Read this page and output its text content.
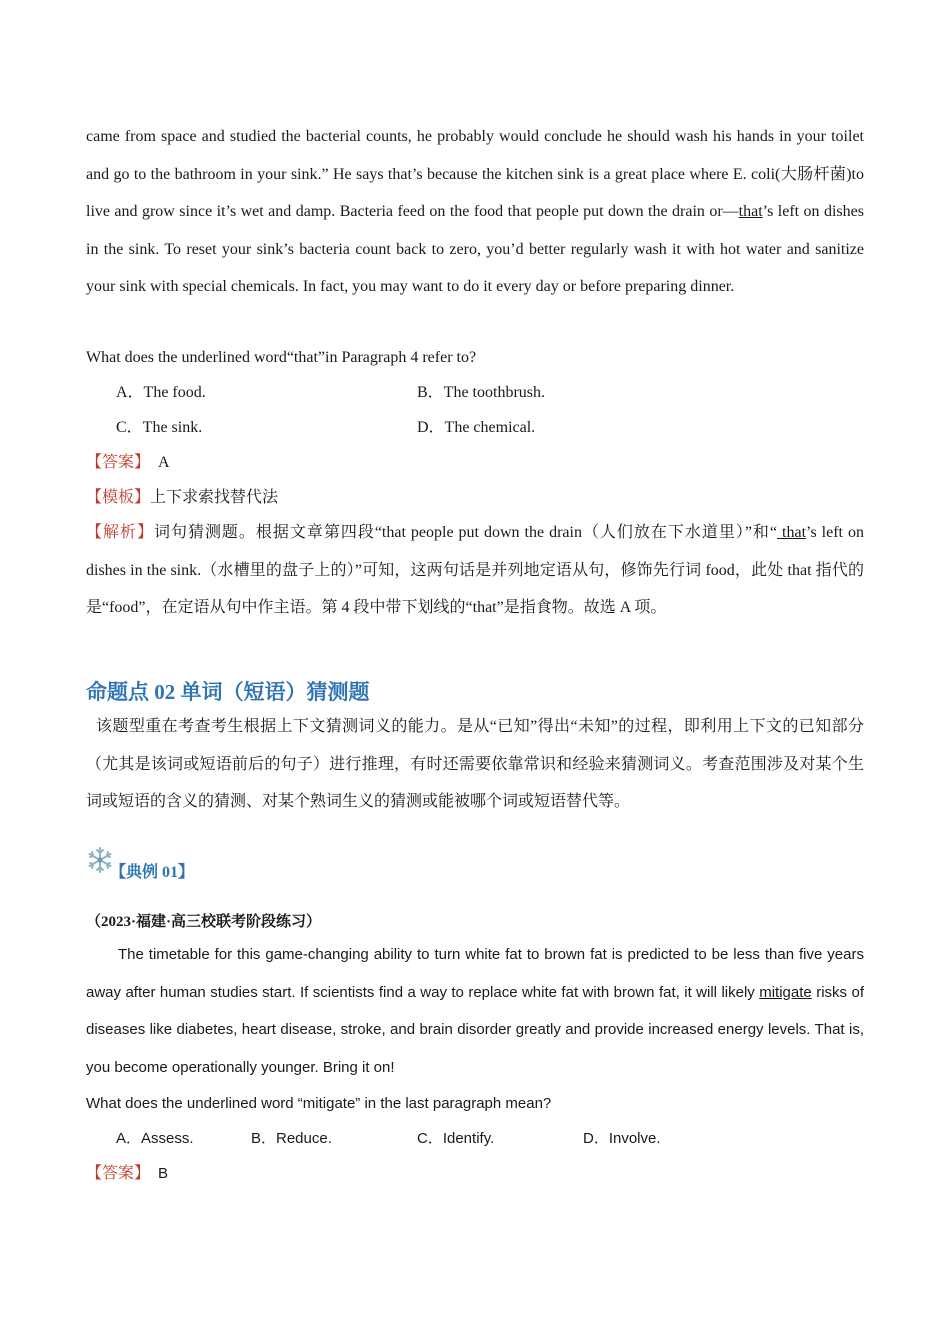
came from space and studied the bacterial counts, he probably would conclude he should wash his hands in your toilet and go to the bathroom in your sink.” He says that’s because the kitchen sink is a great place where E. coli(大肠杆菌)to live and grow since it’s wet and damp. Bacteria feed on the food that people put down the drain or—that’s left on dishes in the sink. To reset your sink’s bacteria count back to zero, you’d better regularly wash it with hot water and sanitize your sink with special chemicals. In fact, you may want to do it every day or before preparing dinner.

What does the underlined word“that”in Paragraph 4 refer to?
A．The food.	B．The toothbrush.
C．The sink.	D．The chemical.
【答案】 A
【模板】上下求索找替代法

【解析】词句猜测题。根据文章第四段“that people put down the drain（人们放在下水道里）”和“ that’s left on dishes in the sink.（水槽里的盘子上的）”可知，这两句话是并列地定语从句，修饰先行词 food，此处 that 指代的是“food”，在定语从句中作主语。第 4 段中带下划线的“that”是指食物。故选 A 项。

命题点 02 单词（短语）猜测题

该题型重在考查考生根据上下文猜测词义的能力。是从“已知”得出“未知”的过程，即利用上下文的已知部分（尤其是该词或短语前后的句子）进行推理，有时还需要依靠常识和经验来猜测词义。考查范围涉及对某个生词或短语的含义的猜测、对某个熟词生义的猜测或能被哪个词或短语替代等。

【典例 01】
（2023·福建·高三校联考阶段练习）

The timetable for this game-changing ability to turn white fat to brown fat is predicted to be less than five years away after human studies start. If scientists find a way to replace white fat with brown fat, it will likely mitigate risks of diseases like diabetes, heart disease, stroke, and brain disorder greatly and provide increased energy levels. That is, you become operationally younger. Bring it on!

What does the underlined word “mitigate” in the last paragraph mean?
A．Assess.	B．Reduce.	C．Identify.	D．Involve.
【答案】 B
